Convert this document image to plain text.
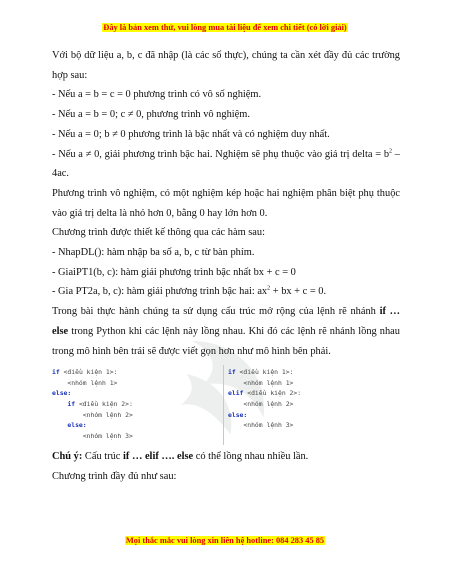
Đây là bản xem thử, vui lòng mua tài liệu để xem chi tiết (có lời giải)

Với bộ dữ liệu a, b, c đã nhập (là các số thực), chúng ta cần xét đầy đủ các trường hợp sau:

- Nếu a = b = c = 0 phương trình có vô số nghiệm.

- Nếu a = b = 0; c ≠ 0, phương trình vô nghiệm.

- Nếu a = 0; b ≠ 0 phương trình là bậc nhất và có nghiệm duy nhất.

- Nếu a ≠ 0, giải phương trình bậc hai. Nghiệm sẽ phụ thuộc vào giá trị delta = $b^2 - 4ac$.

Phương trình vô nghiệm, có một nghiệm kép hoặc hai nghiệm phân biệt phụ thuộc vào giá trị delta là nhỏ hơn 0, bằng 0 hay lớn hơn 0.

Chương trình được thiết kế thông qua các hàm sau:

- NhapDL(): hàm nhập ba số a, b, c từ bàn phím.

- GiaiPT1(b, c): hàm giải phương trình bậc nhất bx + c = 0

- Gia PT2a, b, c): hàm giải phương trình bậc hai: $ax^2$ + bx + c = 0.

Trong bài thực hành chúng ta sử dụng cấu trúc mở rộng của lệnh rẽ nhánh if … else trong Python khi các lệnh này lồng nhau. Khi đó các lệnh rẽ nhánh lồng nhau trong mô hình bên trái sẽ được viết gọn hơn như mô hình bên phải.

if <điều kiện 1>:
<nhóm lệnh 1>
else:
if <điều kiện 2>:
<nhóm lệnh 2>
else:
<nhóm lệnh 3>
if <điều kiện 1>:
<nhóm lệnh 1>
elif <điều kiện 2>:
<nhóm lệnh 2>
else:
<nhóm lệnh 3>

Chú ý: Cấu trúc if … elif …. else có thể lồng nhau nhiều lần.

Chương trình đầy đủ như sau:

Mọi thắc mắc vui lòng xin liên hệ hotline: 084 283 45 85
